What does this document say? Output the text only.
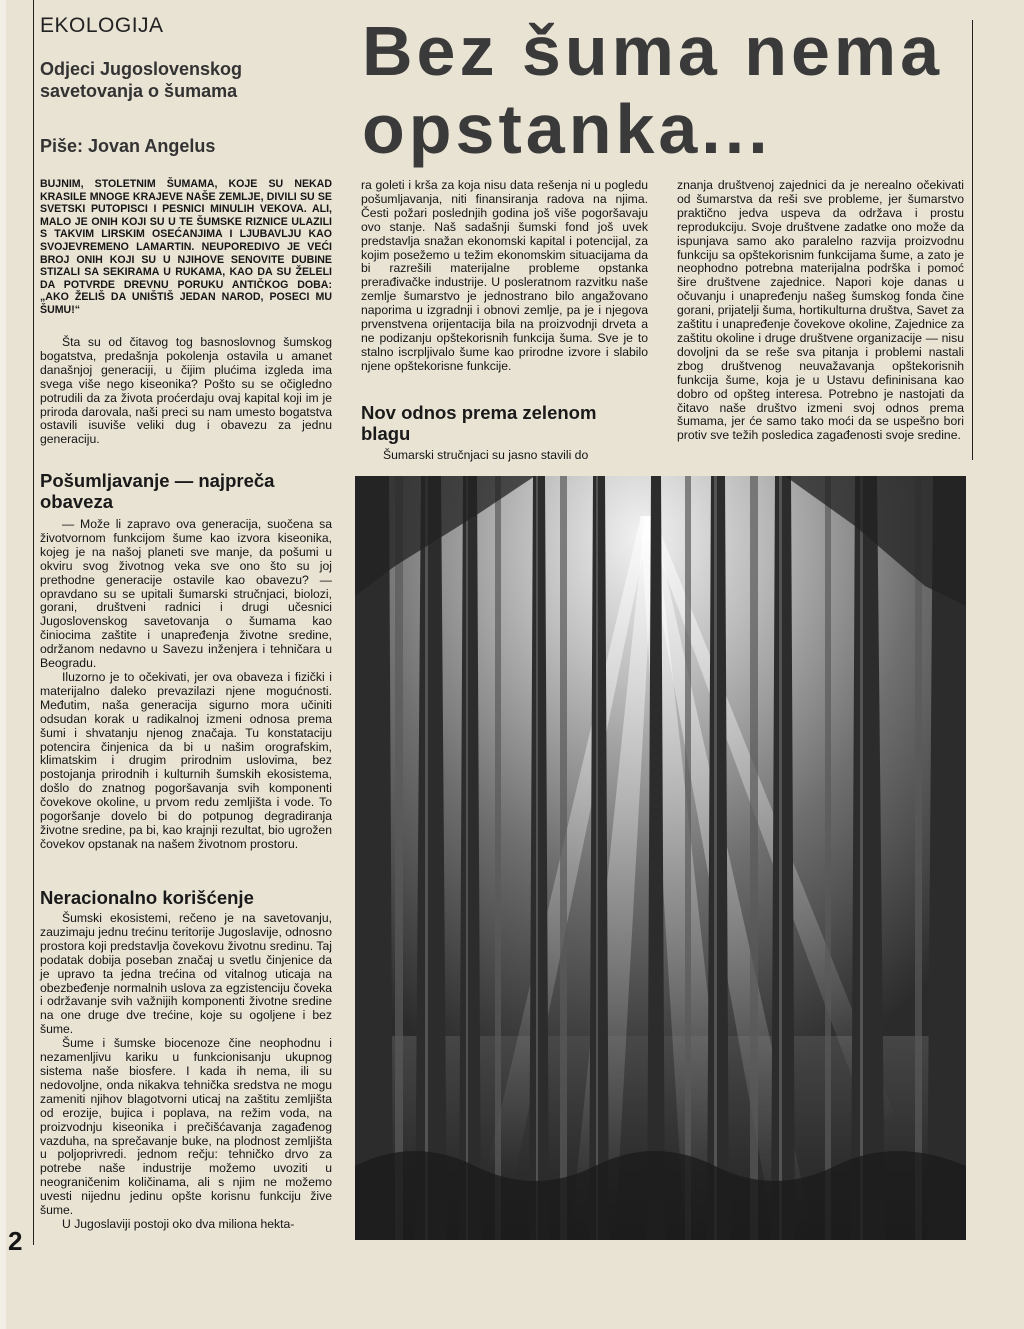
EKOLOGIJA
Odjeci Jugoslovenskog savetovanja o šumama
Piše: Jovan Angelus
Bez šuma nema
opstanka...
BUJNIM, STOLETNIM ŠUMAMA, KOJE SU NEKAD KRASILE MNOGE KRAJEVE NAŠE ZEMLJE, DIVILI SU SE SVETSKI PUTOPISCI I PESNICI MINULIH VEKOVA. ALI, MALO JE ONIH KOJI SU U TE ŠUMSKE RIZNICE ULAZILI S TAKVIM LIRSKIM OSEĆANJIMA I LJUBAVLJU KAO SVOJEVREMENO LAMARTIN. NEUPOREDIVO JE VEĆI BROJ ONIH KOJI SU U NJIHOVE SENOVITE DUBINE STIZALI SA SEKIRAMA U RUKAMA, KAO DA SU ŽELELI DA POTVRDE DREVNU PORUKU ANTIČKOG DOBA: „AKO ŽELIŠ DA UNIŠTIŠ JEDAN NAROD, POSECI MU ŠUMU!“

Šta su od čitavog tog basnoslovnog šumskog bogatstva, predašnja pokolenja ostavila u amanet današnjoj generaciji, u čijim plućima izgleda ima svega više nego kiseonika? Pošto su se očigledno potrudili da za života proćerdaju ovaj kapital koji im je priroda darovala, naši preci su nam umesto bogatstva ostavili isuviše veliki dug i obavezu za jednu generaciju.

Pošumljavanje — najpreča obaveza

— Može li zapravo ova generacija, suočena sa životvornom funkcijom šume kao izvora kiseonika, kojeg je na našoj planeti sve manje, da pošumi u okviru svog životnog veka sve ono što su joj prethodne generacije ostavile kao obavezu? — opravdano su se upitali šumarski stručnjaci, biolozi, gorani, društveni radnici i drugi učesnici Jugoslovenskog savetovanja o šumama kao činiocima zaštite i unapređenja životne sredine, održanom nedavno u Savezu inženjera i tehničara u Beogradu.

Iluzorno je to očekivati, jer ova obaveza i fizički i materijalno daleko prevazilazi njene mogućnosti. Međutim, naša generacija sigurno mora učiniti odsudan korak u radikalnoj izmeni odnosa prema šumi i shvatanju njenog značaja. Tu konstataciju potencira činjenica da bi u našim orografskim, klimatskim i drugim prirodnim uslovima, bez postojanja prirodnih i kulturnih šumskih ekosistema, došlo do znatnog pogoršavanja svih komponenti čovekove okoline, u prvom redu zemljišta i vode. To pogoršanje dovelo bi do potpunog degradiranja životne sredine, pa bi, kao krajnji rezultat, bio ugrožen čovekov opstanak na našem životnom prostoru.

Neracionalno korišćenje

Šumski ekosistemi, rečeno je na savetovanju, zauzimaju jednu trećinu teritorije Jugoslavije, odnosno prostora koji predstavlja čovekovu životnu sredinu. Taj podatak dobija poseban značaj u svetlu činjenice da je upravo ta jedna trećina od vitalnog uticaja na obezbeđenje normalnih uslova za egzistenciju čoveka i održavanje svih važnijih komponenti životne sredine na one druge dve trećine, koje su ogoljene i bez šume.

Šume i šumske biocenoze čine neophodnu i nezamenljivu kariku u funkcionisanju ukupnog sistema naše biosfere. I kada ih nema, ili su nedovoljne, onda nikakva tehnička sredstva ne mogu zameniti njihov blagotvorni uticaj na zaštitu zemljišta od erozije, bujica i poplava, na režim voda, na proizvodnju kiseonika i prečišćavanja zagađenog vazduha, na sprečavanje buke, na plodnost zemljišta u poljoprivredi. jednom rečju: tehničko drvo za potrebe naše industrije možemo uvoziti u neograničenim količinama, ali s njim ne možemo uvesti nijednu jedinu opšte korisnu funkciju žive šume.

U Jugoslaviji postoji oko dva miliona hekta-

ra goleti i krša za koja nisu data rešenja ni u pogledu pošumljavanja, niti finansiranja radova na njima. Česti požari poslednjih godina još više pogoršavaju ovo stanje. Naš sadašnji šumski fond još uvek predstavlja snažan ekonomski kapital i potencijal, za kojim posežemo u težim ekonomskim situacijama da bi razrešili materijalne probleme opstanka prerađivačke industrije. U posleratnom razvitku naše zemlje šumarstvo je jednostrano bilo angažovano naporima u izgradnji i obnovi zemlje, pa je i njegova prvenstvena orijentacija bila na proizvodnji drveta a ne podizanju opštekorisnih funkcija šuma. Sve je to stalno iscrpljivalo šume kao prirodne izvore i slabilo njene opštekorisne funkcije.

Nov odnos prema zelenom blagu

Šumarski stručnjaci su jasno stavili do

znanja društvenoj zajednici da je nerealno očekivati od šumarstva da reši sve probleme, jer šumarstvo praktično jedva uspeva da održava i prostu reprodukciju. Svoje društvene zadatke ono može da ispunjava samo ako paralelno razvija proizvodnu funkciju sa opštekorisnim funkcijama šume, a zato je neophodno potrebna materijalna podrška i pomoć šire društvene zajednice. Napori koje danas u očuvanju i unapređenju našeg šumskog fonda čine gorani, prijatelji šuma, hortikulturna društva, Savet za zaštitu i unapređenje čovekove okoline, Zajednice za zaštitu okoline i druge društvene organizacije — nisu dovoljni da se reše sva pitanja i problemi nastali zbog društvenog neuvažavanja opštekorisnih funkcija šume, koja je u Ustavu defininisana kao dobro od opšteg interesa. Potrebno je nastojati da čitavo naše društvo izmeni svoj odnos prema šumama, jer će samo tako moći da se uspešno bori protiv sve težih posledica zagađenosti svoje sredine.

2
